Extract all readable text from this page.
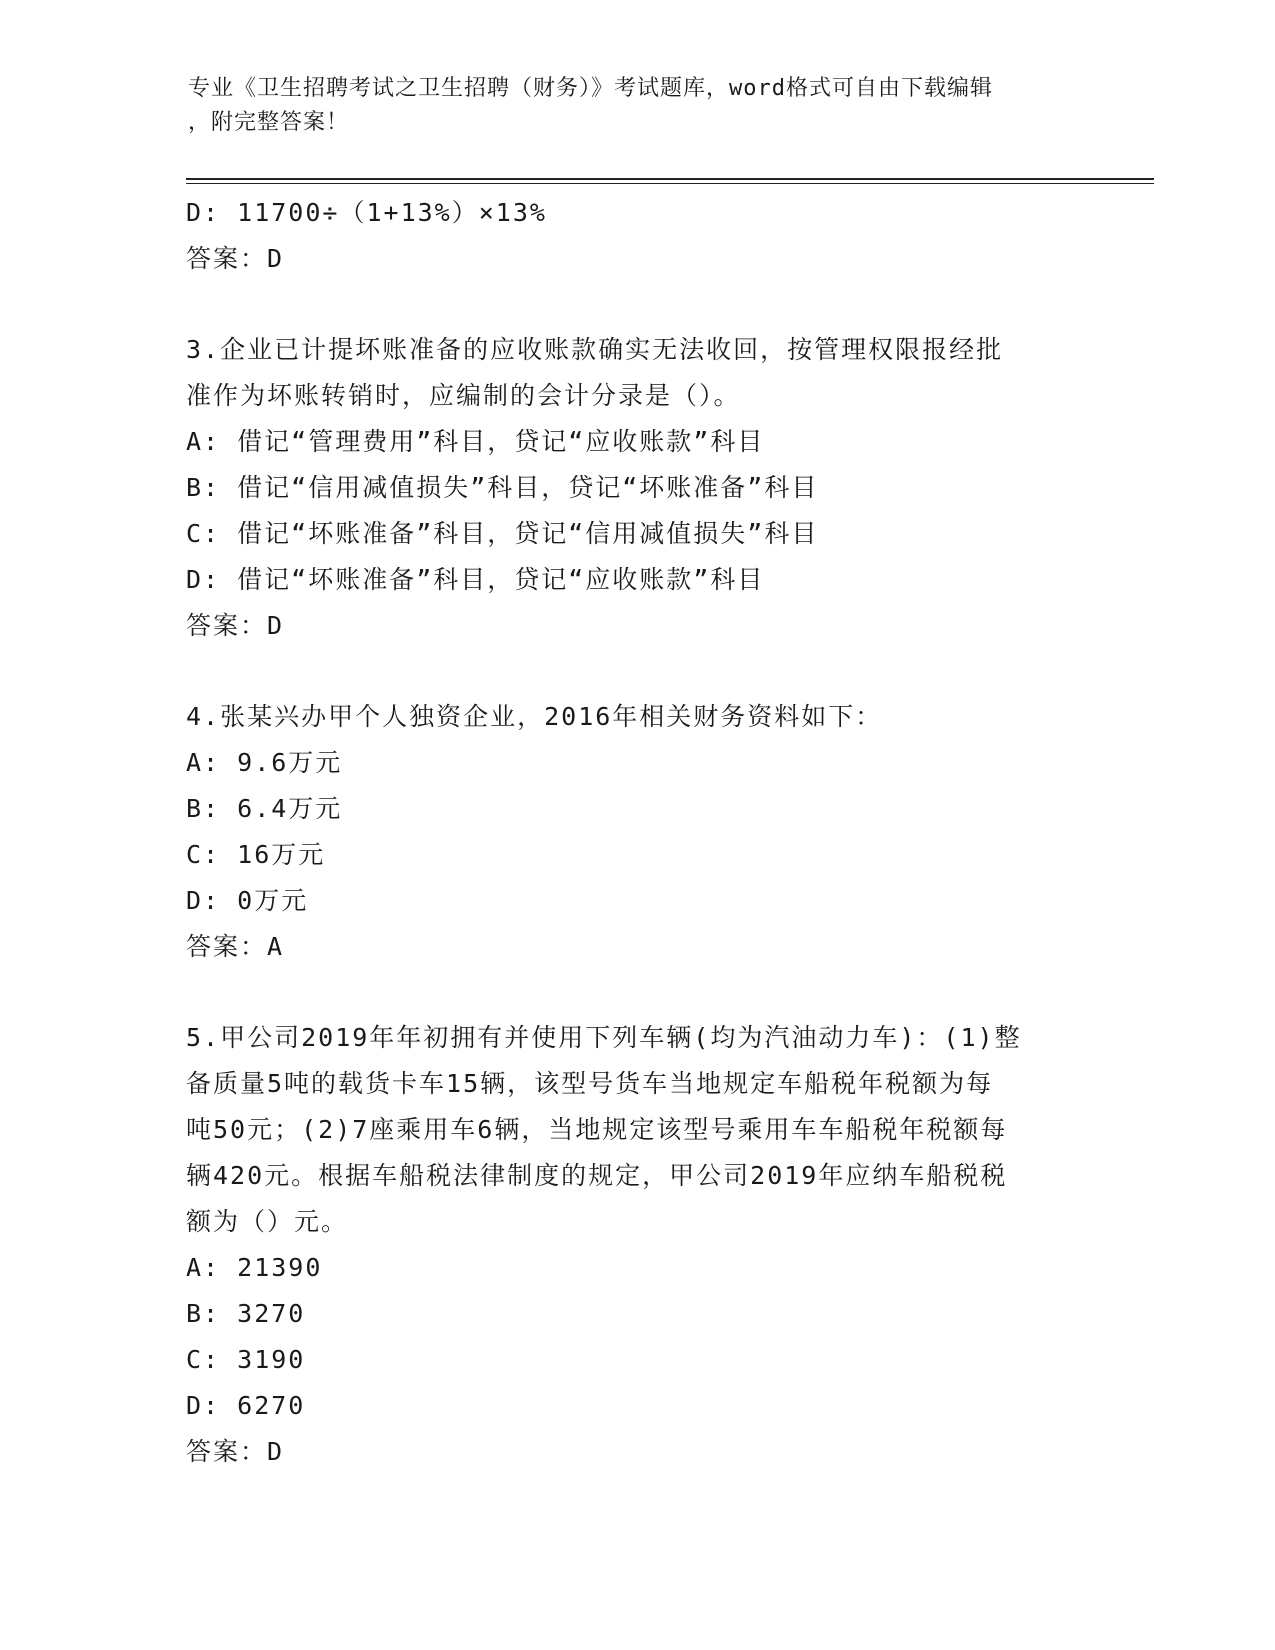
专业《卫生招聘考试之卫生招聘（财务）》考试题库，word格式可自由下载编辑
，附完整答案！
D: 11700÷（1+13%）×13%
答案：D
3.企业已计提坏账准备的应收账款确实无法收回，按管理权限报经批
准作为坏账转销时，应编制的会计分录是（）。
A: 借记“管理费用”科目，贷记“应收账款”科目
B: 借记“信用减值损失”科目，贷记“坏账准备”科目
C: 借记“坏账准备”科目，贷记“信用减值损失”科目
D: 借记“坏账准备”科目，贷记“应收账款”科目
答案：D
4.张某兴办甲个人独资企业，2016年相关财务资料如下：
A: 9.6万元
B: 6.4万元
C: 16万元
D: 0万元
答案：A
5.甲公司2019年年初拥有并使用下列车辆(均为汽油动力车)：(1)整
备质量5吨的载货卡车15辆，该型号货车当地规定车船税年税额为每
吨50元；(2)7座乘用车6辆，当地规定该型号乘用车车船税年税额每
辆420元。根据车船税法律制度的规定，甲公司2019年应纳车船税税
额为（）元。
A: 21390
B: 3270
C: 3190
D: 6270
答案：D
